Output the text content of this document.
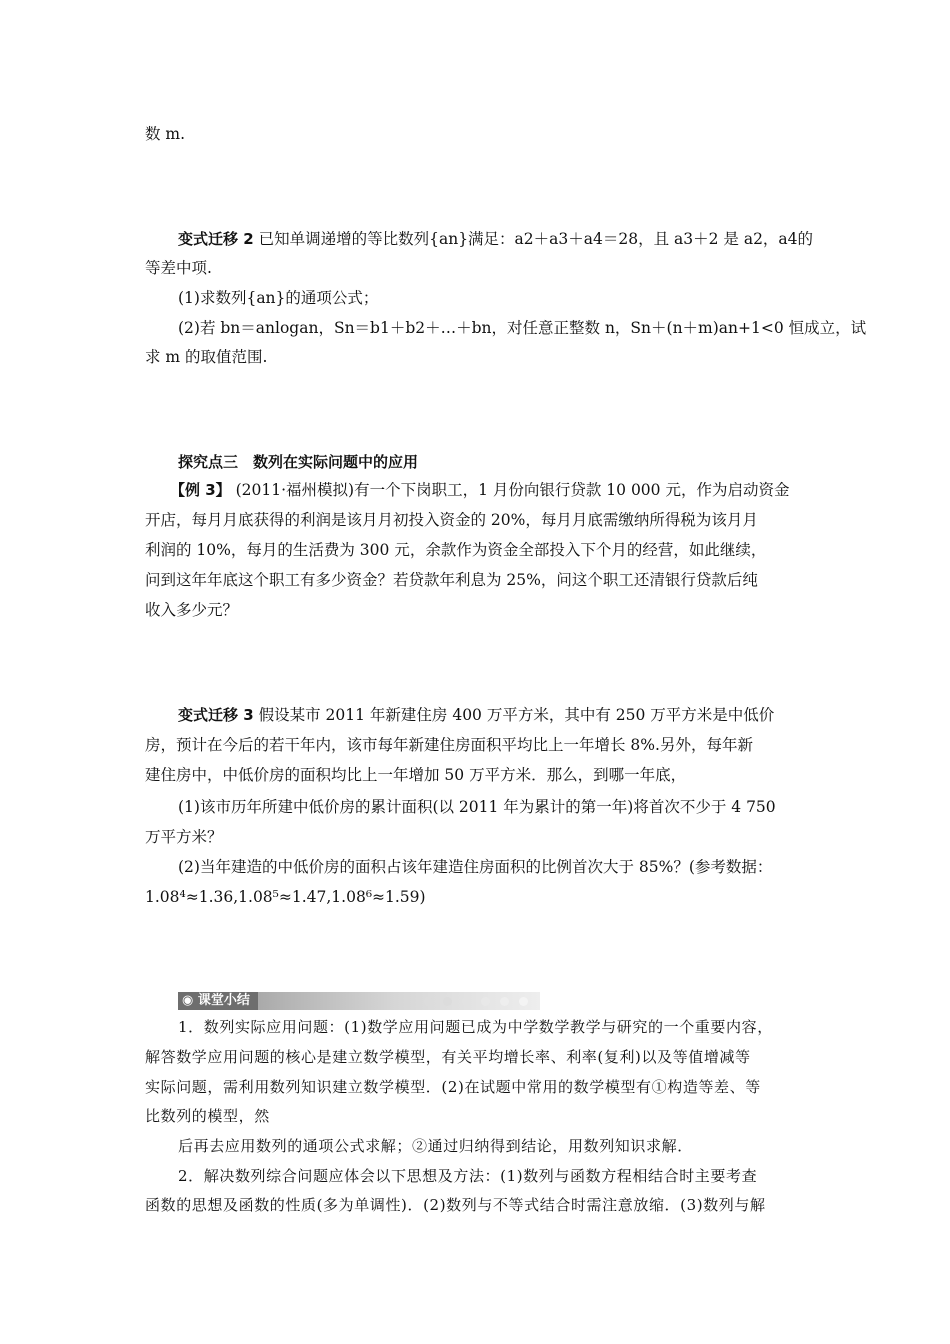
数 m.
变式迁移 2 已知单调递增的等比数列{an}满足：a2＋a3＋a4＝28，且 a3＋2 是 a2，a4的
等差中项.
(1)求数列{an}的通项公式；
(2)若 bn＝anlogan，Sn＝b1＋b2＋…＋bn，对任意正整数 n，Sn＋(n＋m)an+1<0 恒成立，试
求 m 的取值范围.
探究点三　数列在实际问题中的应用
【例 3】 (2011·福州模拟)有一个下岗职工，1 月份向银行贷款 10 000 元，作为启动资金
开店，每月月底获得的利润是该月月初投入资金的 20%，每月月底需缴纳所得税为该月月
利润的 10%，每月的生活费为 300 元，余款作为资金全部投入下个月的经营，如此继续，
问到这年年底这个职工有多少资金？若贷款年利息为 25%，问这个职工还清银行贷款后纯
收入多少元？
变式迁移 3 假设某市 2011 年新建住房 400 万平方米，其中有 250 万平方米是中低价
房，预计在今后的若干年内，该市每年新建住房面积平均比上一年增长 8%.另外，每年新
建住房中，中低价房的面积均比上一年增加 50 万平方米．那么，到哪一年底，
(1)该市历年所建中低价房的累计面积(以 2011 年为累计的第一年)将首次不少于 4 750
万平方米？
(2)当年建造的中低价房的面积占该年建造住房面积的比例首次大于 85%？(参考数据：
1.08⁴≈1.36,1.08⁵≈1.47,1.08⁶≈1.59)
◉ 课堂小结
1．数列实际应用问题：(1)数学应用问题已成为中学数学教学与研究的一个重要内容，
解答数学应用问题的核心是建立数学模型，有关平均增长率、利率(复利)以及等值增减等
实际问题，需利用数列知识建立数学模型．(2)在试题中常用的数学模型有①构造等差、等
比数列的模型，然
后再去应用数列的通项公式求解；②通过归纳得到结论，用数列知识求解．
2．解决数列综合问题应体会以下思想及方法：(1)数列与函数方程相结合时主要考查
函数的思想及函数的性质(多为单调性)．(2)数列与不等式结合时需注意放缩．(3)数列与解
